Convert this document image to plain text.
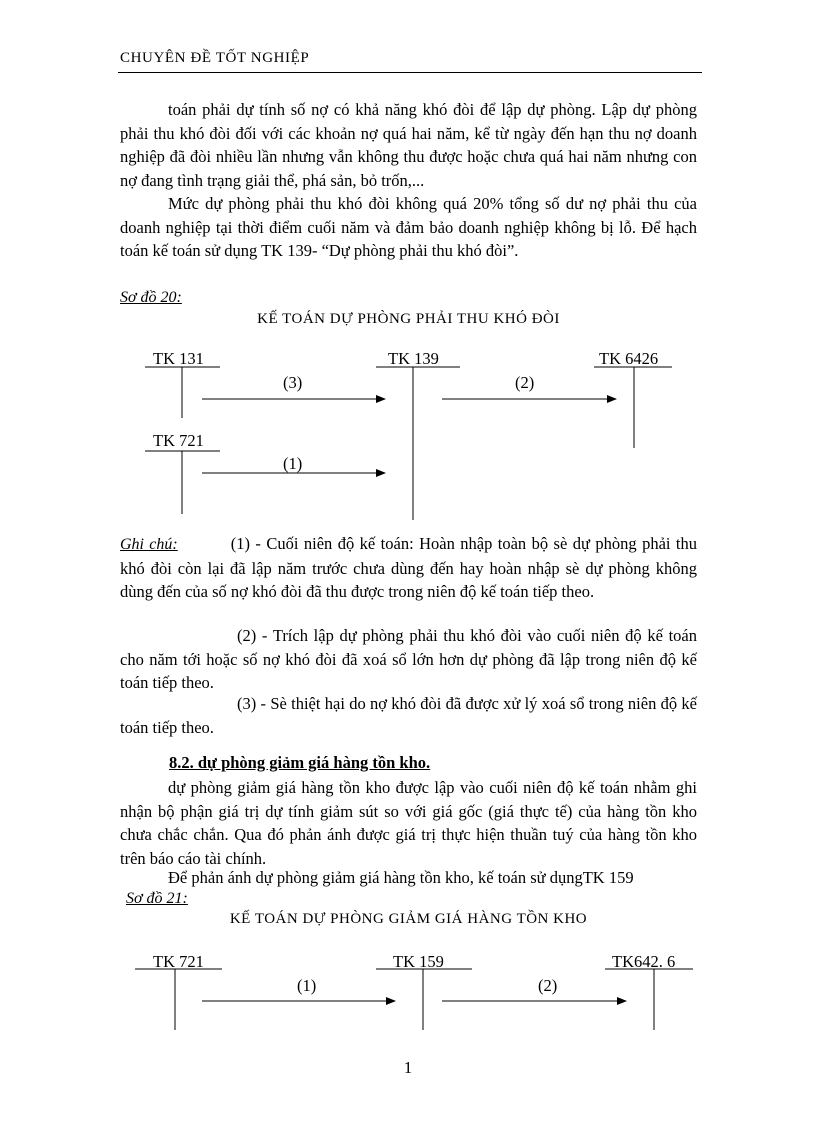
CHUYÊN ĐỀ TỐT NGHIỆP
toán phải dự tính số nợ có khả năng khó đòi để lập dự phòng. Lập dự phòng phải thu khó đòi đối với các khoản nợ quá hai năm, kể từ ngày đến hạn thu nợ doanh nghiệp đã đòi nhiều lần nhưng vẫn không thu được hoặc chưa quá hai năm nhưng con nợ đang tình trạng giải thể, phá sản, bỏ trốn,...
Mức dự phòng phải thu khó đòi không quá 20% tổng số dư nợ phải thu của doanh nghiệp tại thời điểm cuối năm và đảm bảo doanh nghiệp không bị lỗ. Để hạch toán kế toán sử dụng TK 139- “Dự phòng phải thu khó đòi”.
Sơ đồ 20:
KẾ TOÁN DỰ PHÒNG PHẢI THU KHÓ ĐÒI
TK 131	TK 139	TK 6426
TK 721
(3)	(2)
(1)
TK 721	TK 159	TK642. 6
(1)	(2)
Ghi chú:	(1) - Cuối niên độ kế toán: Hoàn nhập toàn bộ sè dự phòng phải thu khó đòi còn lại đã lập năm trước chưa dùng đến hay hoàn nhập sè dự phòng không dùng đến của số nợ khó đòi đã thu được trong niên độ kế toán tiếp theo.
(2) - Trích lập dự phòng phải thu khó đòi vào cuối niên độ kế toán cho năm tới hoặc số nợ khó đòi đã xoá sổ lớn hơn dự phòng đã lập trong niên độ kế toán tiếp theo.
(3) - Sè thiệt hại do nợ khó đòi đã được xử lý xoá sổ trong niên độ kế toán tiếp theo.
8.2. dự phòng giảm giá hàng tồn kho.
dự phòng giảm giá hàng tồn kho được lập vào cuối niên độ kế toán nhằm ghi nhận bộ phận giá trị dự tính giảm sút so với giá gốc (giá thực tế) của hàng tồn kho chưa chắc chắn. Qua đó phản ánh được giá trị thực hiện thuần tuý của hàng tồn kho trên báo cáo tài chính.
Để phản ánh dự phòng giảm giá hàng tồn kho, kế toán sử dụngTK 159
Sơ đồ 21:
KẾ TOÁN DỰ PHÒNG GIẢM GIÁ HÀNG TỒN KHO
1
